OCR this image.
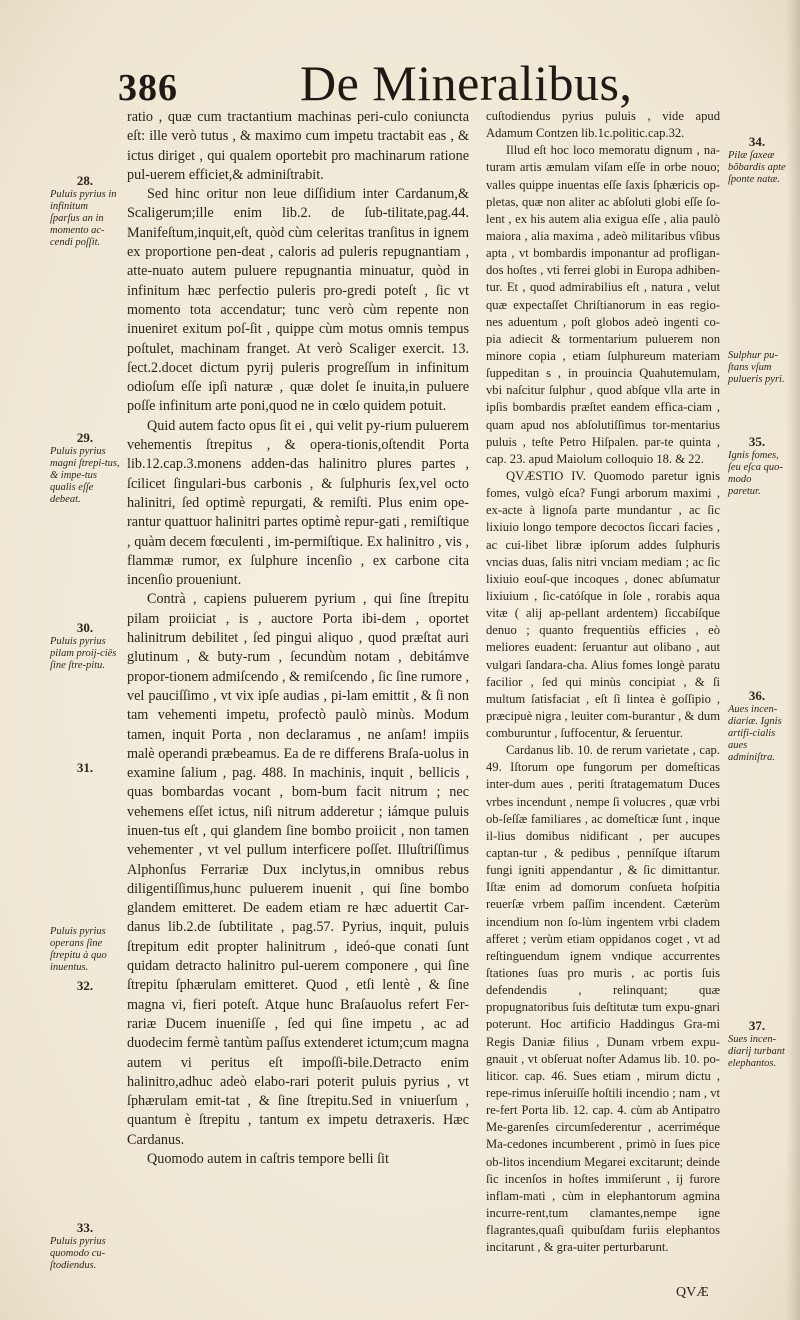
386 De Mineralibus,

ratio , quæ cum tractantium machinas peri-culo coniuncta eſt: ille verò tutus , & maximo cum impetu tractabit eas , & ictus diriget , qui qualem oportebit pro machinarum ratione pul-uerem efficiet,& adminiſtrabit.

Sed hinc oritur non leue diſſidium inter Cardanum,& Scaligerum;ille enim lib.2. de ſub-tilitate,pag.44. Manifeſtum,inquit,eſt, quòd cùm celeritas tranſitus in ignem ex proportione pen-deat , caloris ad puleris repugnantiam , atte-nuato autem puluere repugnantia minuatur, quòd in infinitum hæc perfectio puleris pro-gredi poteſt , ſic vt momento tota accendatur; tunc verò cùm repente non inueniret exitum poſ-ſit , quippe cùm motus omnis tempus poſtulet, machinam franget. At verò Scaliger exercit. 13. ſect.2.docet dictum pyrij puleris progreſſum in infinitum odioſum eſſe ipſi naturæ , quæ dolet ſe inuita,in puluere poſſe infinitum arte poni,quod ne in cœlo quidem potuit.

Quid autem facto opus ſit ei , qui velit py-rium puluerem vehementis ſtrepitus , & opera-tionis,oſtendit Porta lib.12.cap.3.monens adden-das halinitro plures partes , ſcilicet ſingulari-bus carbonis , & ſulphuris ſex,vel octo halinitri, ſed optimè repurgati, & remiſti. Plus enim ope-rantur quattuor halinitri partes optimè repur-gati , remiſtique , quàm decem fœculenti , im-permiſtique. Ex halinitro , vis , flammæ rumor, ex ſulphure incenſio , ex carbone cita incenſio proueniunt.

Contrà , capiens puluerem pyrium , qui ſine ſtrepitu pilam proiiciat , is , auctore Porta ibi-dem , oportet halinitrum debilitet , ſed pingui aliquo , quod præſtat auri glutinum , & buty-rum , ſecundùm notam , debitámve propor-tionem admiſcendo , & remiſcendo , ſic ſine rumore , vel pauciſſimo , vt vix ipſe audias , pi-lam emittit , & ſi non tam vehementi impetu, profectò paulò minùs. Modum tamen, inquit Porta , non declaramus , ne anſam! impiis malè operandi præbeamus. Ea de re differens Braſa-uolus in examine ſalium , pag. 488. In machinis, inquit , bellicis , quas bombardas vocant , bom-bum facit nitrum ; nec vehemens eſſet ictus, niſi nitrum adderetur ; iámque puluis inuen-tus eſt , qui glandem ſine bombo proiicit , non tamen vehementer , vt vel pullum interficere poſſet. Illuſtriſſimus Alphonſus Ferrariæ Dux inclytus,in omnibus rebus diligentiſſimus,hunc puluerem inuenit , qui ſine bombo glandem emitteret. De eadem etiam re hæc aduertit Car-danus lib.2.de ſubtilitate , pag.57. Pyrius, inquit, puluis ſtrepitum edit propter halinitrum , ideó-que conati ſunt quidam detracto halinitro pul-uerem componere , qui ſine ſtrepitu ſphærulam emitteret. Quod , etſi lentè , & ſine magna vi, fieri poteſt. Atque hunc Braſauolus refert Fer-rariæ Ducem inueniſſe , ſed qui ſine impetu , ac ad duodecim fermè tantùm paſſus extenderet ictum;cum magna autem vi peritus eſt impoſſi-bile.Detracto enim halinitro,adhuc adeò elabo-rari poterit puluis pyrius , vt ſphærulam emit-tat , & ſine ſtrepitu.Sed in vniuerſum , quantum è ſtrepitu , tantum ex impetu detraxeris. Hæc Cardanus.

Quomodo autem in caſtris tempore belli ſit

cuſtodiendus pyrius puluis , vide apud Adamum Contzen lib.1c.politic.cap.32.

Illud eſt hoc loco memoratu dignum , na-turam artis æmulam viſam eſſe in orbe nouo; valles quippe inuentas eſſe ſaxis ſphæricis op-pletas, quæ non aliter ac abſoluti globi eſſe ſo-lent , ex his autem alia exigua eſſe , alia paulò maiora , alia maxima , adeò militaribus vſibus apta , vt bombardis imponantur ad profligan-dos hoſtes , vti ferrei globi in Europa adhiben-tur. Et , quod admirabilius eſt , natura , velut quæ expectaſſet Chriſtianorum in eas regio-nes aduentum , poſt globos adeò ingenti co-pia adiecit & tormentarium puluerem non minore copia , etiam ſulphureum materiam ſuppeditan s , in prouincia Quahutemulam, vbi naſcitur ſulphur , quod abſque vlla arte in ipſis bombardis præſtet eandem effica-ciam , quam apud nos abſolutiſſimus tor-mentarius puluis , teſte Petro Hiſpalen. par-te quinta , cap. 23. apud Maiolum colloquio 18. & 22.

QVÆSTIO IV. Quomodo paretur ignis fomes, vulgò eſca? Fungi arborum maximi , ex-acte à lignoſa parte mundantur , ac ſic lixiuio longo tempore decoctos ſiccari facies , ac cui-libet libræ ipſorum addes ſulphuris vncias duas, ſalis nitri vnciam mediam ; ac ſic lixiuio eouſ-que incoques , donec abſumatur lixiuium , ſic-catóſque in ſole , rorabis aqua vitæ ( alij ap-pellant ardentem) ſiccabíſque denuo ; quanto frequentiùs efficies , eò meliores euadent: ſeruantur aut olibano , aut vulgari ſandara-cha. Alius fomes longè paratu facilior , ſed qui minùs concipiat , & ſi multum ſatisfaciat , eſt ſi lintea è goſſipio , præcipuè nigra , leuiter com-burantur , & dum comburuntur , ſuffocentur, & ſeruentur.

Cardanus lib. 10. de rerum varietate , cap. 49. Iſtorum ope fungorum per domeſticas inter-dum aues , periti ſtratagematum Duces vrbes incendunt , nempe ſi volucres , quæ vrbi ob-ſeſſæ familiares , ac domeſticæ ſunt , inque il-lius domibus nidificant , per aucupes captan-tur , & pedibus , penníſque iſtarum fungi igniti appendantur , & ſic dimittantur. Iſtæ enim ad domorum conſueta hoſpitia reuerſæ vrbem paſſim incendent. Cæterùm incendium non ſo-lùm ingentem vrbi cladem afferet ; verùm etiam oppidanos coget , vt ad reſtinguendum ignem vndique accurrentes ſtationes ſuas pro muris , ac portis ſuis defendendis , relinquant; quæ propugnatoribus ſuis deſtitutæ tum expu-gnari poterunt. Hoc artificio Haddingus Gra-mi Regis Daniæ filius , Dunam vrbem expu-gnauit , vt obſeruat noſter Adamus lib. 10. po-liticor. cap. 46. Sues etiam , mirum dictu , repe-rimus inſeruiſſe hoſtili incendio ; nam , vt re-fert Porta lib. 12. cap. 4. cùm ab Antipatro Me-garenſes circumſederentur , acerriméque Ma-cedones incumberent , primò in ſues pice ob-litos incendium Megarei excitarunt; deinde ſic incenſos in hoſtes immiſerunt , ij furore inflam-mati , cùm in elephantorum agmina incurre-rent,tum clamantes,nempe igne flagrantes,quaſi quibuſdam furiis elephantos incitarunt , & gra-uiter perturbarunt.

28.
Puluis pyrius in infinitum ſparſus an in momento ac-cendi poſſit.
29.
Puluis pyrius magni ſtrepi-tus, & impe-tus qualis eſſe debeat.
30.
Puluis pyrius pilam proij-ciēs ſine ſtre-pitu.
31.
Puluis pyrius operans ſine ſtrepitu à quo inuentus.
32.
33.
Puluis pyrius quomodo cu-ſtodiendus.
34.
Pilæ ſaxeæ bõbardis apte ſponte natæ.
Sulphur pu-ſtans vſum pulueris pyri.
35.
Ignis fomes, ſeu eſca quo-modo paretur.
36.
Aues incen-diariæ. Ignis artifi-cialis aues adminiſtra.
37.
Sues incen-diarij turbant elephantos.
QVÆ
